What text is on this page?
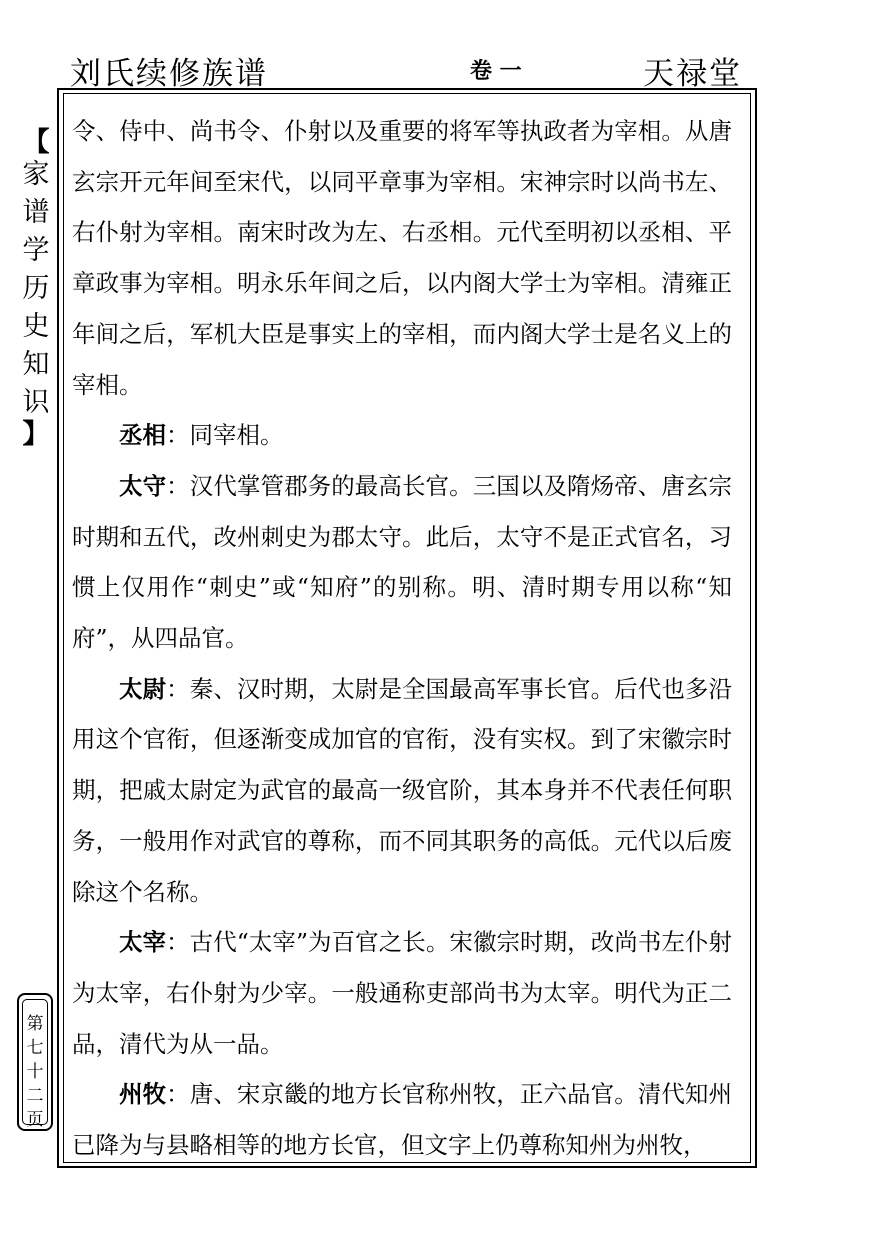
刘氏续修族谱	卷 一	天禄堂
【
家
谱
学
历
史
知
识
】
第
七
十
二
页

令、侍中、尚书令、仆射以及重要的将军等执政者为宰相。从唐玄宗开元年间至宋代，以同平章事为宰相。宋神宗时以尚书左、右仆射为宰相。南宋时改为左、右丞相。元代至明初以丞相、平章政事为宰相。明永乐年间之后，以内阁大学士为宰相。清雍正年间之后，军机大臣是事实上的宰相，而内阁大学士是名义上的宰相。

丞相：同宰相。

太守：汉代掌管郡务的最高长官。三国以及隋炀帝、唐玄宗时期和五代，改州刺史为郡太守。此后，太守不是正式官名，习惯上仅用作“刺史”或“知府”的别称。明、清时期专用以称“知府”，从四品官。

太尉：秦、汉时期，太尉是全国最高军事长官。后代也多沿用这个官衔，但逐渐变成加官的官衔，没有实权。到了宋徽宗时期，把戚太尉定为武官的最高一级官阶，其本身并不代表任何职务，一般用作对武官的尊称，而不同其职务的高低。元代以后废除这个名称。

太宰：古代“太宰”为百官之长。宋徽宗时期，改尚书左仆射为太宰，右仆射为少宰。一般通称吏部尚书为太宰。明代为正二品，清代为从一品。

州牧：唐、宋京畿的地方长官称州牧，正六品官。清代知州已降为与县略相等的地方长官，但文字上仍尊称知州为州牧，
